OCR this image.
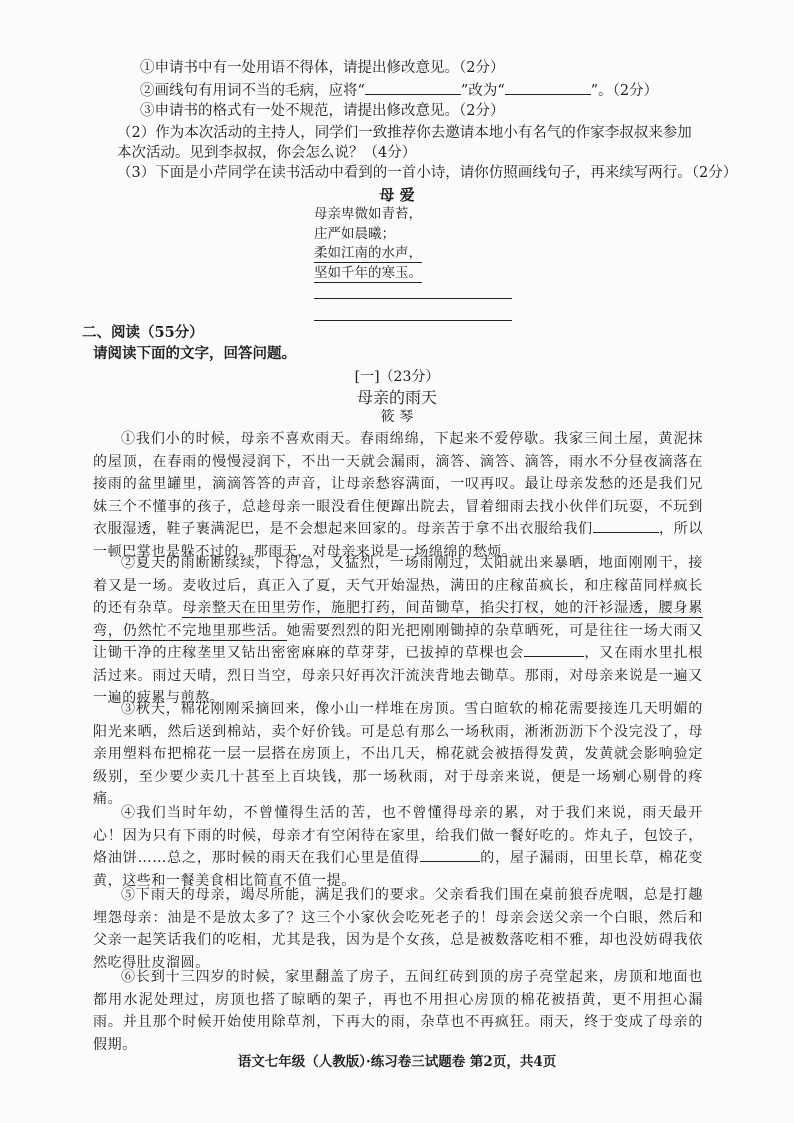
①申请书中有一处用语不得体，请提出修改意见。（2分）
②画线句有用词不当的毛病，应将“	”改为“	”。（2分）
③申请书的格式有一处不规范，请提出修改意见。（2分）
（2）作为本次活动的主持人，同学们一致推荐你去邀请本地小有名气的作家李叔叔来参加
本次活动。见到李叔叔，你会怎么说？（4分）
（3）下面是小芹同学在读书活动中看到的一首小诗，请你仿照画线句子，再来续写两行。（2分）
母 爱
母亲卑微如青苔，
庄严如晨曦；
柔如江南的水声，
坚如千年的寒玉。
二、阅读（55分）
请阅读下面的文字，回答问题。
[一]（23分）
母亲的雨天
筱 琴
①我们小的时候，母亲不喜欢雨天。春雨绵绵，下起来不爱停歇。我家三间土屋，黄泥抹的屋顶，在春雨的慢慢浸润下，不出一天就会漏雨，滴答、滴答、滴答，雨水不分昼夜滴落在接雨的盆里罐里，滴滴答答的声音，让母亲愁容满面，一叹再叹。最让母亲发愁的还是我们兄妹三个不懂事的孩子，总趁母亲一眼没看住便蹿出院去，冒着细雨去找小伙伴们玩耍，不玩到衣服湿透，鞋子裹满泥巴，是不会想起来回家的。母亲苦于拿不出衣服给我们	，所以一顿巴掌也是躲不过的。那雨天，对母亲来说是一场绵绵的愁烦。
②夏天的雨断断续续，下得急，又猛烈，一场雨刚过，太阳就出来暴晒，地面刚刚干，接着又是一场。麦收过后，真正入了夏，天气开始湿热，满田的庄稼苗疯长，和庄稼苗同样疯长的还有杂草。母亲整天在田里劳作，施肥打药，间苗锄草，掐尖打杈，她的汗衫湿透，腰身累弯，仍然忙不完地里那些活。她需要烈烈的阳光把刚刚锄掉的杂草晒死，可是往往一场大雨又让锄干净的庄稼垄里又钻出密密麻麻的草芽芽，已拔掉的草棵也会	，又在雨水里扎根活过来。雨过天晴，烈日当空，母亲只好再次汗流浃背地去锄草。那雨，对母亲来说是一遍又一遍的疲累与煎熬。
③秋天，棉花刚刚采摘回来，像小山一样堆在房顶。雪白暄软的棉花需要接连几天明媚的阳光来晒，然后送到棉站，卖个好价钱。可是总有那么一场秋雨，淅淅沥沥下个没完没了，母亲用塑料布把棉花一层一层搭在房顶上，不出几天，棉花就会被捂得发黄，发黄就会影响验定级别，至少要少卖几十甚至上百块钱，那一场秋雨，对于母亲来说，便是一场剜心剔骨的疼痛。
④我们当时年幼，不曾懂得生活的苦，也不曾懂得母亲的累，对于我们来说，雨天最开心！因为只有下雨的时候，母亲才有空闲待在家里，给我们做一餐好吃的。炸丸子，包饺子，烙油饼……总之，那时候的雨天在我们心里是值得	的，屋子漏雨，田里长草，棉花变黄，这些和一餐美食相比简直不值一提。
⑤下雨天的母亲，竭尽所能，满足我们的要求。父亲看我们围在桌前狼吞虎咽，总是打趣埋怨母亲：油是不是放太多了？这三个小家伙会吃死老子的！母亲会送父亲一个白眼，然后和父亲一起笑话我们的吃相，尤其是我，因为是个女孩，总是被数落吃相不雅，却也没妨碍我依然吃得肚皮溜圆。
⑥长到十三四岁的时候，家里翻盖了房子，五间红砖到顶的房子亮堂起来，房顶和地面也都用水泥处理过，房顶也搭了晾晒的架子，再也不用担心房顶的棉花被捂黄，更不用担心漏雨。并且那个时候开始使用除草剂，下再大的雨，杂草也不再疯狂。雨天，终于变成了母亲的假期。
语文七年级（人教版）·练习卷三试题卷 第2页，共4页
